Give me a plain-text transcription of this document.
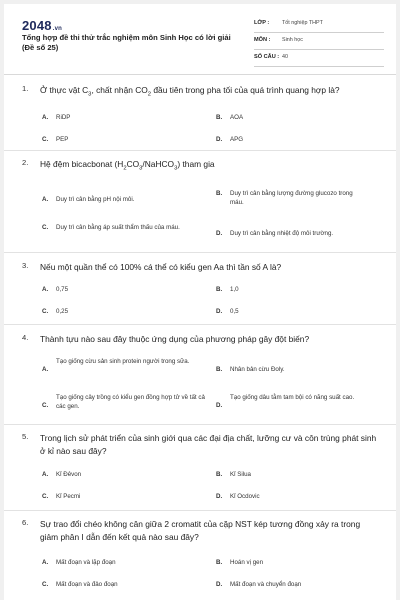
2048.vn
Tổng hợp đề thi thử trắc nghiệm môn Sinh Học có lời giải (Đề số 25)
LỚP : Tốt nghiệp THPT
MÔN : Sinh học
SỐ CÂU : 40
1. Ở thực vật $C_3$, chất nhận $CO_2$ đầu tiên trong pha tối của quá trình quang hợp là?
A. RiDP	B. AOA
C. PEP	D. APG
2. Hệ đệm bicacbonat $(H_2CO_3/NaHCO_3)$ tham gia
A. Duy trì cân bằng pH nội môi.
B. Duy trì cân bằng lượng đường glucozo trong máu.
C. Duy trì cân bằng áp suất thẩm thấu của máu.
D. Duy trì cân bằng nhiệt độ môi trường.
3. Nếu một quần thể có 100% cá thể có kiểu gen Aa thì tần số A là?
A. 0,75	B. 1,0
C. 0,25	D. 0,5
4. Thành tựu nào sau đây thuộc ứng dụng của phương pháp gây đột biến?
A.
Tạo giống cừu sản sinh protein người trong sữa.
B. Nhân bản cừu Đoly.
C.
Tạo giống cây trồng có kiểu gen đồng hợp tử về tất cả các gen.	D.
Tạo giống dâu tằm tam bội có năng suất cao.
5. Trong lịch sử phát triển của sinh giới qua các đại địa chất, lưỡng cư và côn trùng phát sinh ở kỉ nào sau đây?
A. Kỉ Đêvon	B. Kỉ Silua
C. Kỉ Pecmi	D. Kỉ Ocdovic
6. Sự trao đổi chéo không cân giữa 2 cromatit của cặp NST kép tương đồng xảy ra trong giảm phân I dẫn đến kết quả nào sau đây?
A. Mất đoạn và lặp đoạn	B. Hoán vị gen
C. Mất đoạn và đảo đoạn	D. Mất đoạn và chuyển đoạn
